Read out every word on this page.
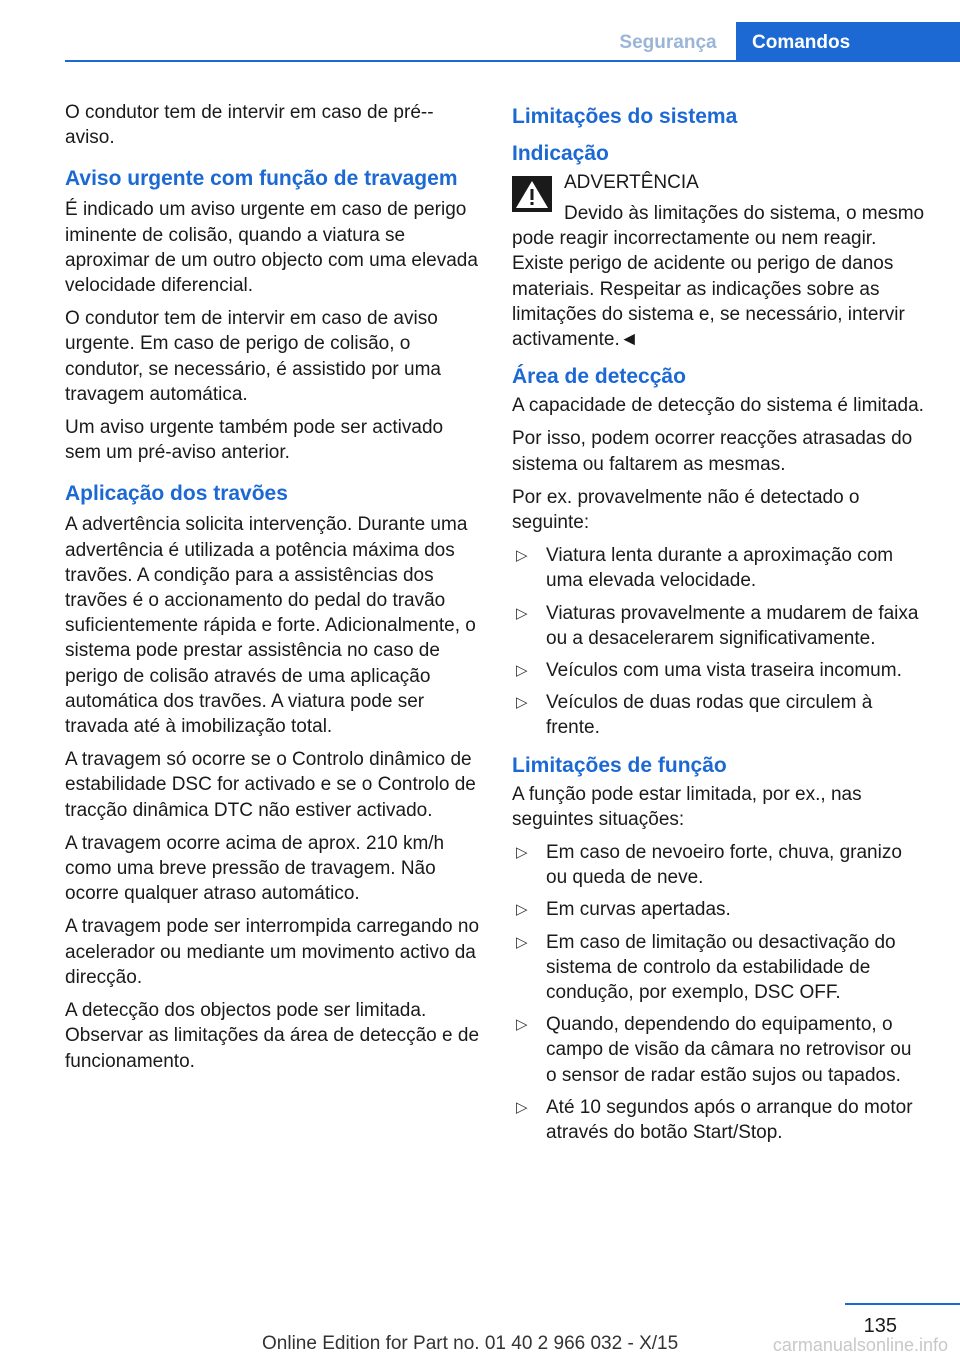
Segurança	Comandos

O condutor tem de intervir em caso de pré--aviso.

Aviso urgente com função de travagem

É indicado um aviso urgente em caso de perigo iminente de colisão, quando a viatura se aproximar de um outro objecto com uma elevada velocidade diferencial.

O condutor tem de intervir em caso de aviso urgente. Em caso de perigo de colisão, o condutor, se necessário, é assistido por uma travagem automática.

Um aviso urgente também pode ser activado sem um pré-aviso anterior.

Aplicação dos travões

A advertência solicita intervenção. Durante uma advertência é utilizada a potência máxima dos travões. A condição para a assistências dos travões é o accionamento do pedal do travão suficientemente rápida e forte. Adicionalmente, o sistema pode prestar assistência no caso de perigo de colisão através de uma aplicação automática dos travões. A viatura pode ser travada até à imobilização total.

A travagem só ocorre se o Controlo dinâmico de estabilidade DSC for activado e se o Controlo de tracção dinâmica DTC não estiver activado.

A travagem ocorre acima de aprox. 210 km/h como uma breve pressão de travagem. Não ocorre qualquer atraso automático.

A travagem pode ser interrompida carregando no acelerador ou mediante um movimento activo da direcção.

A detecção dos objectos pode ser limitada. Observar as limitações da área de detecção e de funcionamento.

Limitações do sistema
Indicação
ADVERTÊNCIA

Devido às limitações do sistema, o mesmo pode reagir incorrectamente ou nem reagir. Existe perigo de acidente ou perigo de danos materiais. Respeitar as indicações sobre as limitações do sistema e, se necessário, intervir activamente.◄

Área de detecção

A capacidade de detecção do sistema é limitada.

Por isso, podem ocorrer reacções atrasadas do sistema ou faltarem as mesmas.

Por ex. provavelmente não é detectado o seguinte:

▷ Viatura lenta durante a aproximação com uma elevada velocidade.
▷ Viaturas provavelmente a mudarem de faixa ou a desacelerarem significativamente.
▷ Veículos com uma vista traseira incomum.
▷ Veículos de duas rodas que circulem à frente.
Limitações de função

A função pode estar limitada, por ex., nas seguintes situações:

▷ Em caso de nevoeiro forte, chuva, granizo ou queda de neve.
▷ Em curvas apertadas.
▷ Em caso de limitação ou desactivação do sistema de controlo da estabilidade de condução, por exemplo, DSC OFF.
▷ Quando, dependendo do equipamento, o campo de visão da câmara no retrovisor ou o sensor de radar estão sujos ou tapados.
▷ Até 10 segundos após o arranque do motor através do botão Start/Stop.
135
Online Edition for Part no. 01 40 2 966 032 - X/15	carmanualsonline.info
